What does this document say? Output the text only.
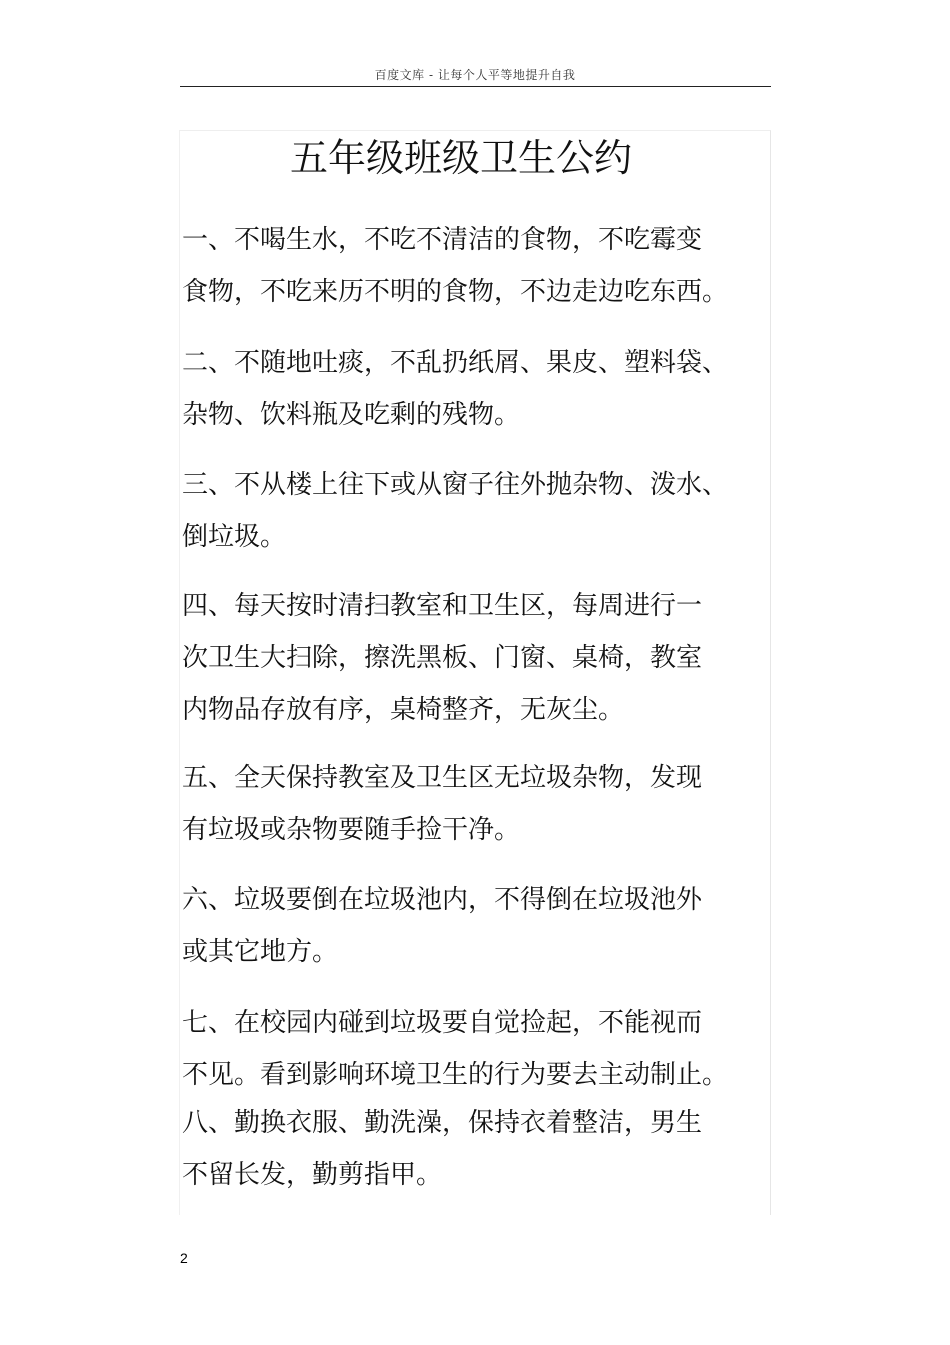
百度文库 - 让每个人平等地提升自我
五年级班级卫生公约
一、不喝生水，不吃不清洁的食物，不吃霉变
食物，不吃来历不明的食物，不边走边吃东西。
二、不随地吐痰，不乱扔纸屑、果皮、塑料袋、
杂物、饮料瓶及吃剩的残物。
三、不从楼上往下或从窗子往外抛杂物、泼水、
倒垃圾。
四、每天按时清扫教室和卫生区，每周进行一
次卫生大扫除，擦洗黑板、门窗、桌椅，教室
内物品存放有序，桌椅整齐，无灰尘。
五、全天保持教室及卫生区无垃圾杂物，发现
有垃圾或杂物要随手捡干净。
六、垃圾要倒在垃圾池内，不得倒在垃圾池外
或其它地方。
七、在校园内碰到垃圾要自觉捡起，不能视而
不见。看到影响环境卫生的行为要去主动制止。
八、勤换衣服、勤洗澡，保持衣着整洁，男生
不留长发，勤剪指甲。
2
